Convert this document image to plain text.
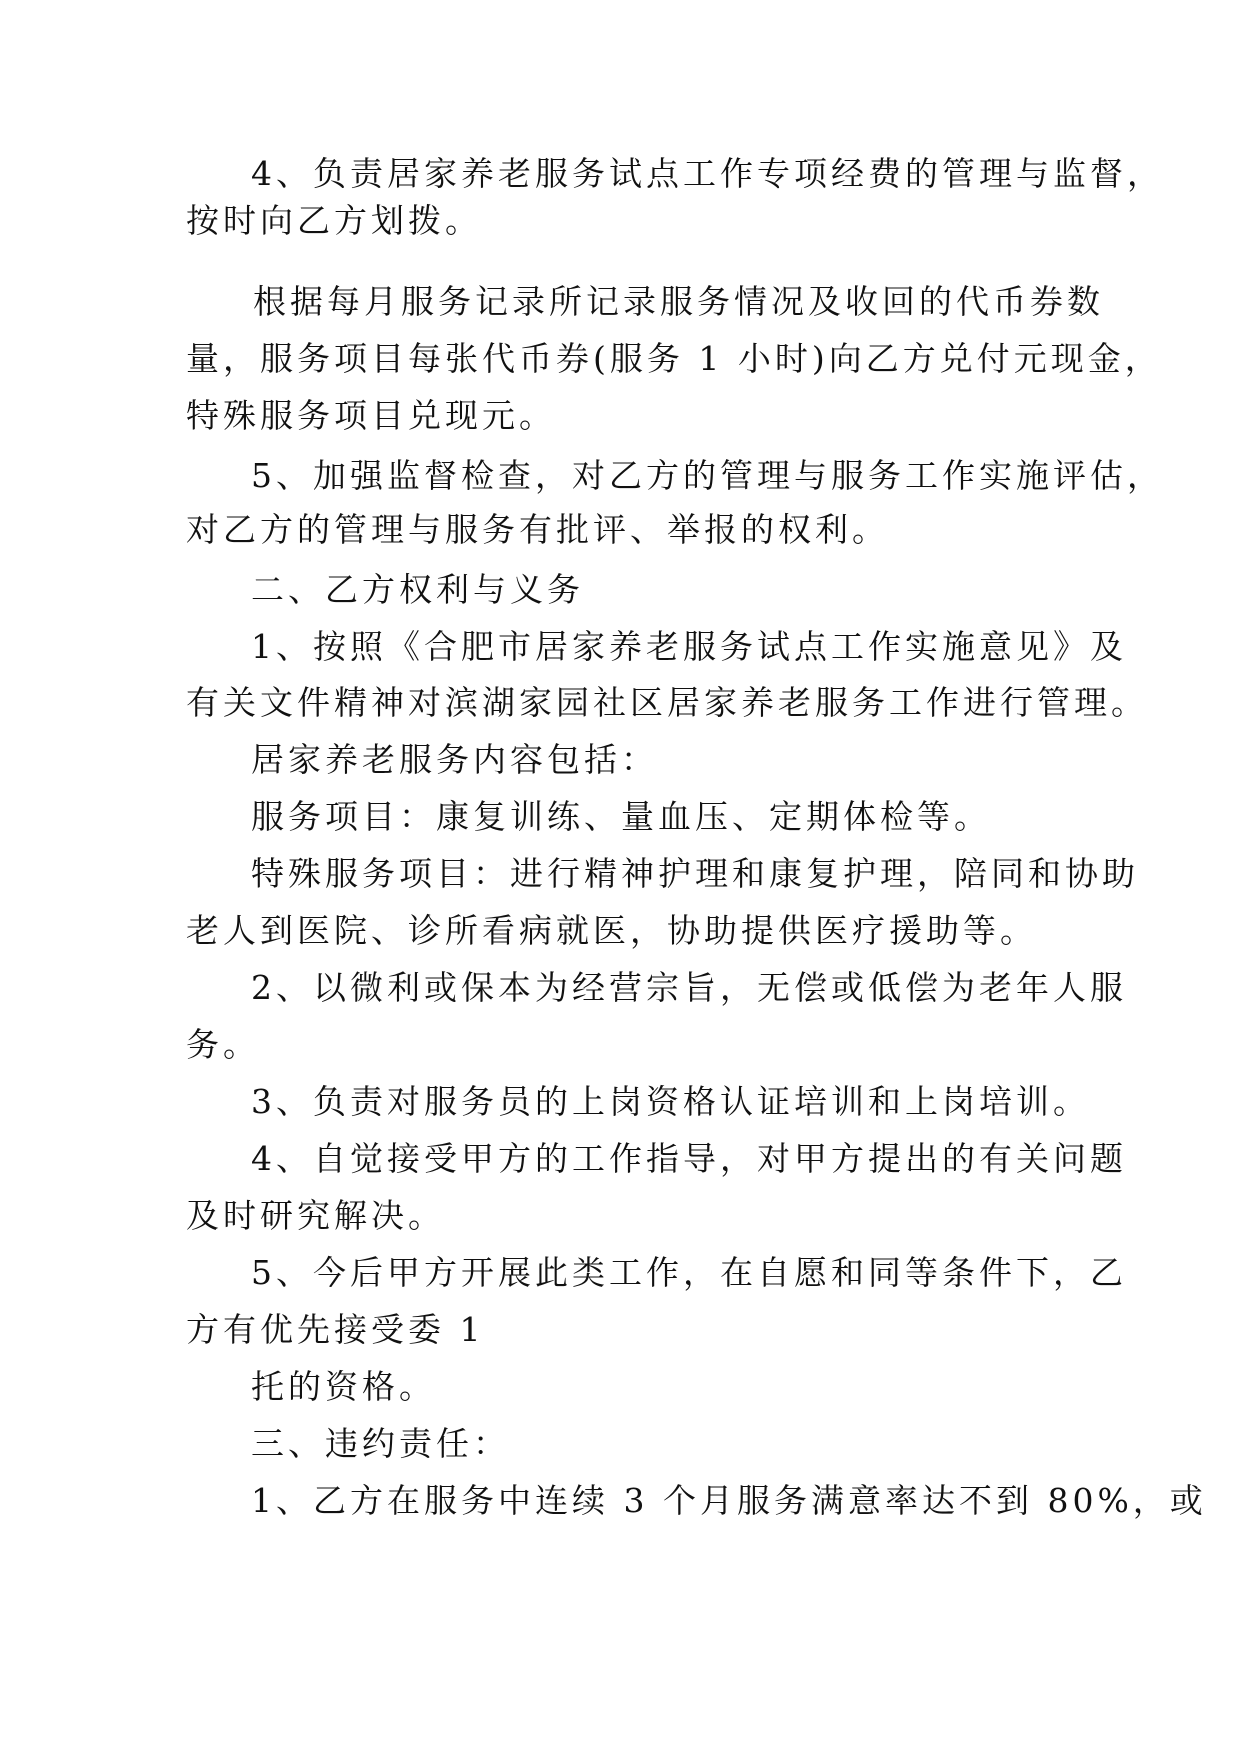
4、负责居家养老服务试点工作专项经费的管理与监督，
按时向乙方划拨。
根据每月服务记录所记录服务情况及收回的代币券数
量，服务项目每张代币券(服务 1 小时)向乙方兑付元现金，
特殊服务项目兑现元。
5、加强监督检查，对乙方的管理与服务工作实施评估，
对乙方的管理与服务有批评、举报的权利。
二、乙方权利与义务
1、按照《合肥市居家养老服务试点工作实施意见》及
有关文件精神对滨湖家园社区居家养老服务工作进行管理。
居家养老服务内容包括：
服务项目：康复训练、量血压、定期体检等。
特殊服务项目：进行精神护理和康复护理，陪同和协助
老人到医院、诊所看病就医，协助提供医疗援助等。
2、以微利或保本为经营宗旨，无偿或低偿为老年人服
务。
3、负责对服务员的上岗资格认证培训和上岗培训。
4、自觉接受甲方的工作指导，对甲方提出的有关问题
及时研究解决。
5、今后甲方开展此类工作，在自愿和同等条件下，乙
方有优先接受委 1
托的资格。
三、违约责任：
1、乙方在服务中连续 3 个月服务满意率达不到 80%，或
